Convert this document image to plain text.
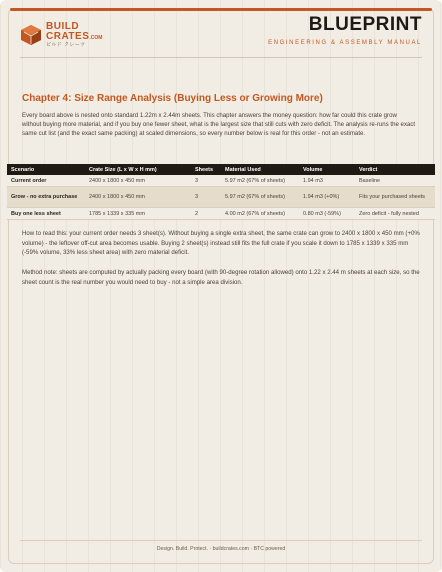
BUILD
CRATES.COM
ビルド クレーツ
BLUEPRINT
ENGINEERING & ASSEMBLY MANUAL
Chapter 4: Size Range Analysis (Buying Less or Growing More)
Every board above is nested onto standard 1.22m x 2.44m sheets. This chapter answers the money question: how far could this crate grow without buying more material, and if you buy one fewer sheet, what is the largest size that still cuts with zero deficit. The analysis re-runs the exact same cut list (and the exact same packing) at scaled dimensions, so every number below is real for this order - not an estimate.
Scenario	Crate Size (L x W x H mm)	Sheets	Material Used	Volume	Verdict
Current order	2400 x 1800 x 450 mm	3	5.97 m2 (67% of sheets)	1.94 m3	Baseline
Grow - no extra purchase	2400 x 1800 x 450 mm	3	5.97 m2 (67% of sheets)	1.94 m3 (+0%)	Fits your purchased sheets
Buy one less sheet	1785 x 1339 x 335 mm	2	4.00 m2 (67% of sheets)	0.80 m3 (-59%)	Zero deficit - fully nested
How to read this: your current order needs 3 sheet(s). Without buying a single extra sheet, the same crate can grow to 2400 x 1800 x 450 mm (+0% volume) - the leftover off-cut area becomes usable. Buying 2 sheet(s) instead still fits the full crate if you scale it down to 1785 x 1339 x 335 mm (-59% volume, 33% less sheet area) with zero material deficit.
Method note: sheets are computed by actually packing every board (with 90-degree rotation allowed) onto 1.22 x 2.44 m sheets at each size, so the sheet count is the real number you would need to buy - not a simple area division.
Design. Build. Protect. · buildcrates.com · BTC powered
